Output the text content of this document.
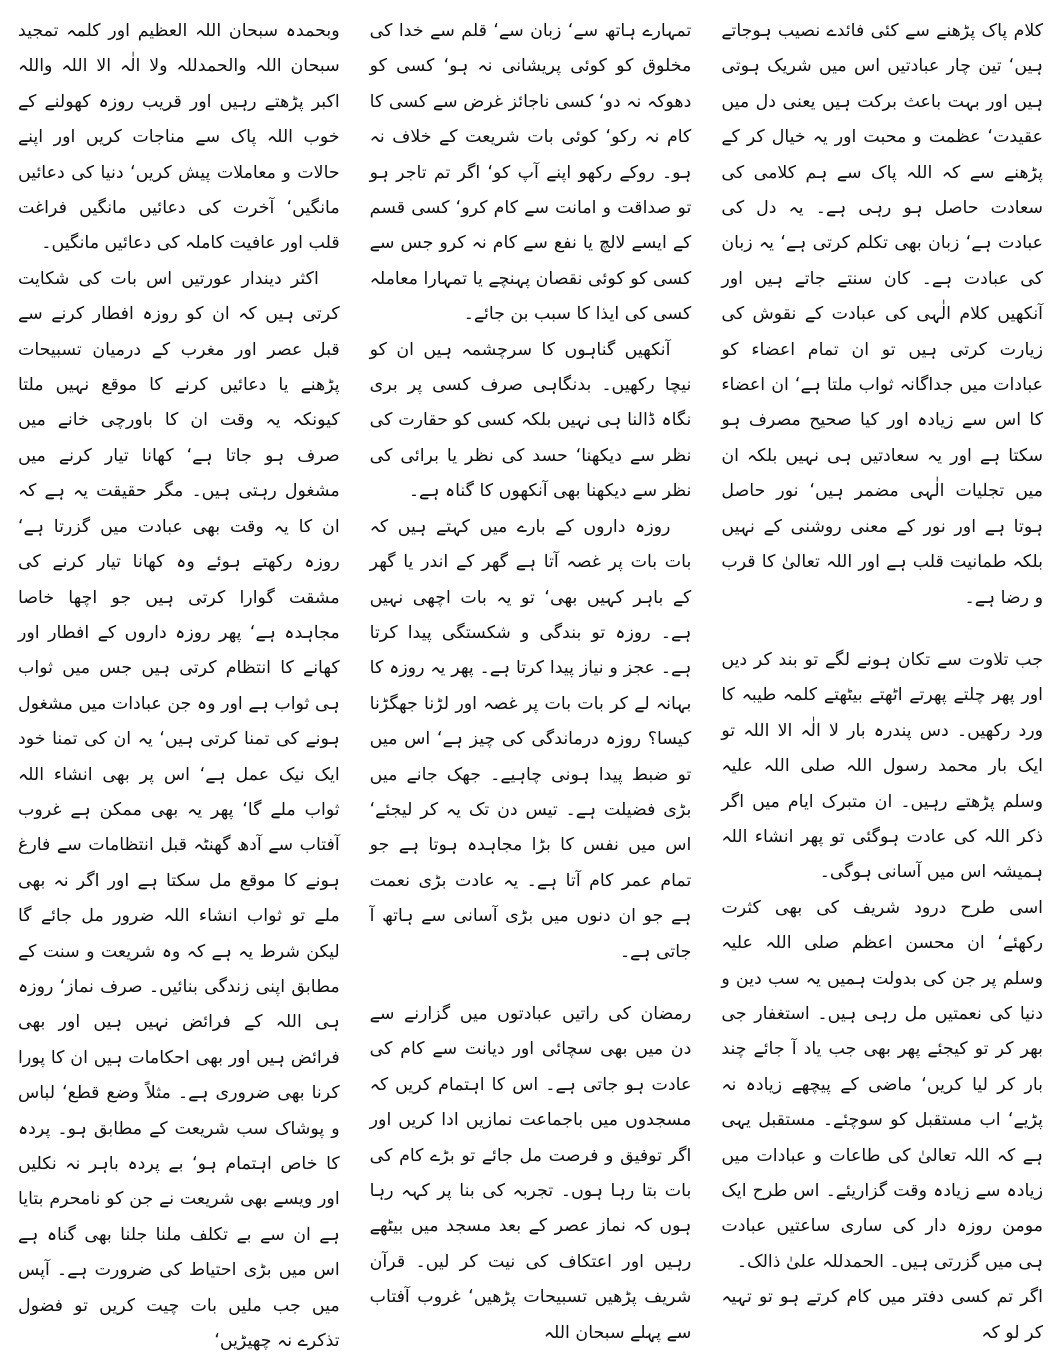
کلام پاک پڑھنے سے کئی فائدے نصیب ہوجاتے ہیں‘ تین چار عبادتیں اس میں شریک ہوتی ہیں اور بہت باعث برکت ہیں یعنی دل میں عقیدت‘ عظمت و محبت اور یہ خیال کر کے پڑھنے سے کہ اللہ پاک سے ہم کلامی کی سعادت حاصل ہو رہی ہے۔ یہ دل کی عبادت ہے‘ زبان بھی تکلم کرتی ہے‘ یہ زبان کی عبادت ہے۔ کان سنتے جاتے ہیں اور آنکھیں کلام الٰہی کی عبادت کے نقوش کی زیارت کرتی ہیں تو ان تمام اعضاء کو عبادات میں جداگانہ ثواب ملتا ہے‘ ان اعضاء کا اس سے زیادہ اور کیا صحیح مصرف ہو سکتا ہے اور یہ سعادتیں ہی نہیں بلکہ ان میں تجلیات الٰہی مضمر ہیں‘ نور حاصل ہوتا ہے اور نور کے معنی روشنی کے نہیں بلکہ طمانیت قلب ہے اور اللہ تعالیٰ کا قرب و رضا ہے۔

جب تلاوت سے تکان ہونے لگے تو بند کر دیں اور پھر چلتے پھرتے اٹھتے بیٹھتے کلمہ طیبہ کا ورد رکھیں۔ دس پندرہ بار لا الٰہ الا اللہ تو ایک بار محمد رسول اللہ صلی اللہ علیہ وسلم پڑھتے رہیں۔ ان متبرک ایام میں اگر ذکر اللہ کی عادت ہوگئی تو پھر انشاء اللہ ہمیشہ اس میں آسانی ہوگی۔

اسی طرح درود شریف کی بھی کثرت رکھئے‘ ان محسن اعظم صلی اللہ علیہ وسلم پر جن کی بدولت ہمیں یہ سب دین و دنیا کی نعمتیں مل رہی ہیں۔ استغفار جی بھر کر تو کیجئے پھر بھی جب یاد آ جائے چند بار کر لیا کریں‘ ماضی کے پیچھے زیادہ نہ پڑیے‘ اب مستقبل کو سوچئے۔ مستقبل یہی ہے کہ اللہ تعالیٰ کی طاعات و عبادات میں زیادہ سے زیادہ وقت گزاریئے۔ اس طرح ایک مومن روزہ دار کی ساری ساعتیں عبادت ہی میں گزرتی ہیں۔ الحمدللہ علیٰ ذالک۔

اگر تم کسی دفتر میں کام کرتے ہو تو تہیہ کر لو کہ

تمہارے ہاتھ سے‘ زبان سے‘ قلم سے خدا کی مخلوق کو کوئی پریشانی نہ ہو‘ کسی کو دھوکہ نہ دو‘ کسی ناجائز غرض سے کسی کا کام نہ رکو‘ کوئی بات شریعت کے خلاف نہ ہو۔ روکے رکھو اپنے آپ کو‘ اگر تم تاجر ہو تو صداقت و امانت سے کام کرو‘ کسی قسم کے ایسے لالچ یا نفع سے کام نہ کرو جس سے کسی کو کوئی نقصان پہنچے یا تمہارا معاملہ کسی کی ایذا کا سبب بن جائے۔

آنکھیں گناہوں کا سرچشمہ ہیں ان کو نیچا رکھیں۔ بدنگاہی صرف کسی پر بری نگاہ ڈالنا ہی نہیں بلکہ کسی کو حقارت کی نظر سے دیکھنا‘ حسد کی نظر یا برائی کی نظر سے دیکھنا بھی آنکھوں کا گناہ ہے۔

روزہ داروں کے بارے میں کہتے ہیں کہ بات بات پر غصہ آتا ہے گھر کے اندر یا گھر کے باہر کہیں بھی‘ تو یہ بات اچھی نہیں ہے۔ روزہ تو بندگی و شکستگی پیدا کرتا ہے۔ عجز و نیاز پیدا کرتا ہے۔ پھر یہ روزہ کا بہانہ لے کر بات بات پر غصہ اور لڑنا جھگڑنا کیسا؟ روزہ درماندگی کی چیز ہے‘ اس میں تو ضبط پیدا ہونی چاہیے۔ جھک جانے میں بڑی فضیلت ہے۔ تیس دن تک یہ کر لیجئے‘ اس میں نفس کا بڑا مجاہدہ ہوتا ہے جو تمام عمر کام آتا ہے۔ یہ عادت بڑی نعمت ہے جو ان دنوں میں بڑی آسانی سے ہاتھ آ جاتی ہے۔

رمضان کی راتیں عبادتوں میں گزارنے سے دن میں بھی سچائی اور دیانت سے کام کی عادت ہو جاتی ہے۔ اس کا اہتمام کریں کہ مسجدوں میں باجماعت نمازیں ادا کریں اور اگر توفیق و فرصت مل جائے تو بڑے کام کی بات بتا رہا ہوں۔ تجربہ کی بنا پر کہہ رہا ہوں کہ نماز عصر کے بعد مسجد میں بیٹھے رہیں اور اعتکاف کی نیت کر لیں۔ قرآن شریف پڑھیں تسبیحات پڑھیں‘ غروب آفتاب سے پہلے سبحان اللہ

وبحمدہ سبحان اللہ العظیم اور کلمہ تمجید سبحان اللہ والحمدللہ ولا الٰہ الا اللہ واللہ اکبر پڑھتے رہیں اور قریب روزہ کھولنے کے خوب اللہ پاک سے مناجات کریں اور اپنے حالات و معاملات پیش کریں‘ دنیا کی دعائیں مانگیں‘ آخرت کی دعائیں مانگیں فراغت قلب اور عافیت کاملہ کی دعائیں مانگیں۔

اکثر دیندار عورتیں اس بات کی شکایت کرتی ہیں کہ ان کو روزہ افطار کرنے سے قبل عصر اور مغرب کے درمیان تسبیحات پڑھنے یا دعائیں کرنے کا موقع نہیں ملتا کیونکہ یہ وقت ان کا باورچی خانے میں صرف ہو جاتا ہے‘ کھانا تیار کرنے میں مشغول رہتی ہیں۔ مگر حقیقت یہ ہے کہ ان کا یہ وقت بھی عبادت میں گزرتا ہے‘ روزہ رکھتے ہوئے وہ کھانا تیار کرنے کی مشقت گوارا کرتی ہیں جو اچھا خاصا مجاہدہ ہے‘ پھر روزہ داروں کے افطار اور کھانے کا انتظام کرتی ہیں جس میں ثواب ہی ثواب ہے اور وہ جن عبادات میں مشغول ہونے کی تمنا کرتی ہیں‘ یہ ان کی تمنا خود ایک نیک عمل ہے‘ اس پر بھی انشاء اللہ ثواب ملے گا‘ پھر یہ بھی ممکن ہے غروب آفتاب سے آدھ گھنٹہ قبل انتظامات سے فارغ ہونے کا موقع مل سکتا ہے اور اگر نہ بھی ملے تو ثواب انشاء اللہ ضرور مل جائے گا لیکن شرط یہ ہے کہ وہ شریعت و سنت کے مطابق اپنی زندگی بنائیں۔ صرف نماز‘ روزہ ہی اللہ کے فرائض نہیں ہیں اور بھی فرائض ہیں اور بھی احکامات ہیں ان کا پورا کرنا بھی ضروری ہے۔ مثلاً وضع قطع‘ لباس و پوشاک سب شریعت کے مطابق ہو۔ پردہ کا خاص اہتمام ہو‘ بے پردہ باہر نہ نکلیں اور ویسے بھی شریعت نے جن کو نامحرم بتایا ہے ان سے بے تکلف ملنا جلنا بھی گناہ ہے اس میں بڑی احتیاط کی ضرورت ہے۔ آپس میں جب ملیں بات چیت کریں تو فضول تذکرے نہ چھیڑیں‘
